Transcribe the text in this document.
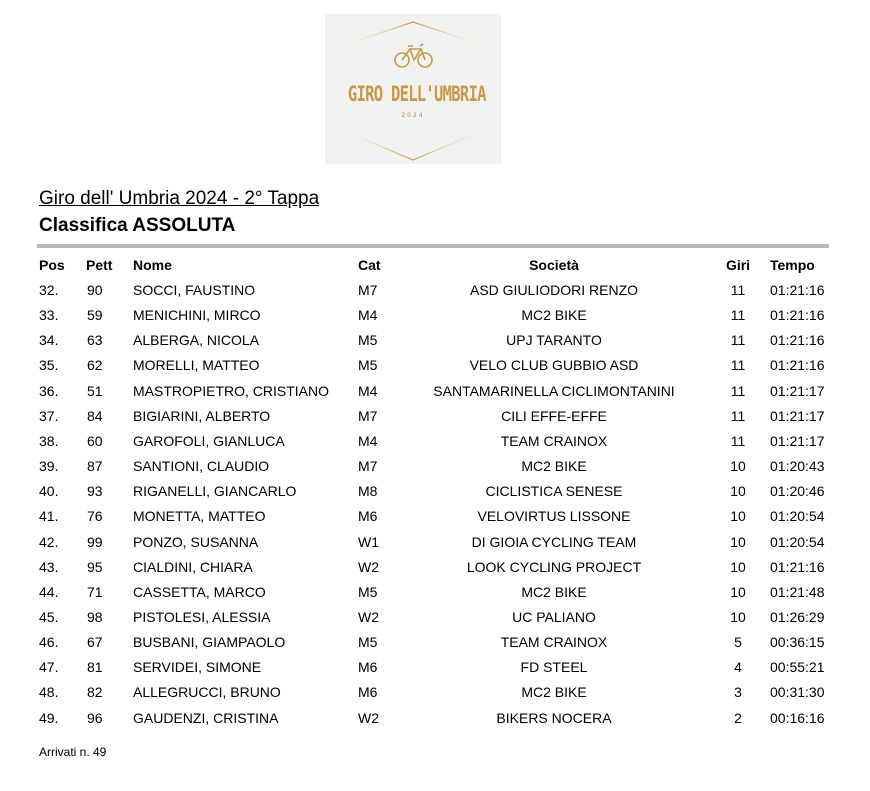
GIRO DELL'UMBRIA
2024
Giro dell' Umbria 2024 - 2° Tappa
Classifica ASSOLUTA
Pos Pett Nome	Cat	Società	Giri	Tempo
32. 90 SOCCI, FAUSTINO	M7	ASD GIULIODORI RENZO	11	01:21:16
33. 59 MENICHINI, MIRCO	M4	MC2 BIKE	11	01:21:16
34. 63 ALBERGA, NICOLA	M5	UPJ TARANTO	11	01:21:16
35. 62 MORELLI, MATTEO	M5	VELO CLUB GUBBIO ASD	11	01:21:16
36. 51 MASTROPIETRO, CRISTIANO M4	SANTAMARINELLA CICLIMONTANINI	11	01:21:17
37. 84 BIGIARINI, ALBERTO	M7	CILI EFFE-EFFE	11	01:21:17
38. 60 GAROFOLI, GIANLUCA	M4	TEAM CRAINOX	11	01:21:17
39. 87 SANTIONI, CLAUDIO	M7	MC2 BIKE	10	01:20:43
40. 93 RIGANELLI, GIANCARLO	M8	CICLISTICA SENESE	10	01:20:46
41. 76 MONETTA, MATTEO	M6	VELOVIRTUS LISSONE	10	01:20:54
42. 99 PONZO, SUSANNA	W1	DI GIOIA CYCLING TEAM	10	01:20:54
43. 95 CIALDINI, CHIARA	W2	LOOK CYCLING PROJECT	10	01:21:16
44. 71 CASSETTA, MARCO	M5	MC2 BIKE	10	01:21:48
45. 98 PISTOLESI, ALESSIA	W2	UC PALIANO	10	01:26:29
46. 67 BUSBANI, GIAMPAOLO	M5	TEAM CRAINOX	5	00:36:15
47. 81 SERVIDEI, SIMONE	M6	FD STEEL	4	00:55:21
48. 82 ALLEGRUCCI, BRUNO	M6	MC2 BIKE	3	00:31:30
49. 96 GAUDENZI, CRISTINA	W2	BIKERS NOCERA	2	00:16:16
Arrivati n. 49
